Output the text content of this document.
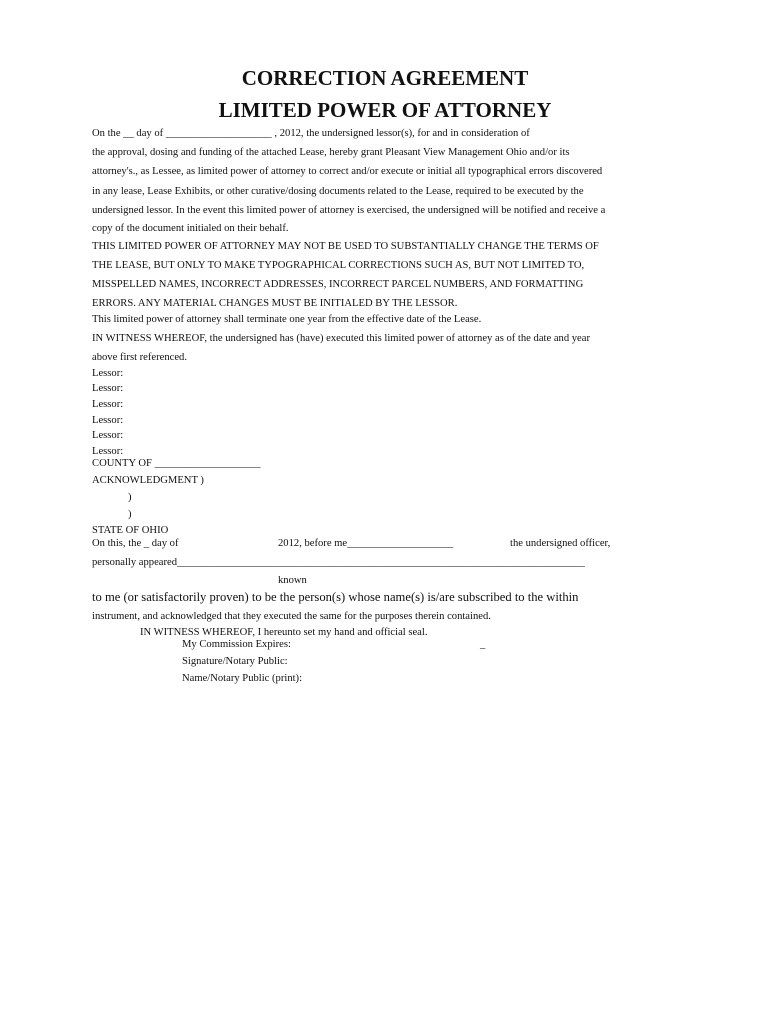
CORRECTION AGREEMENT
LIMITED POWER OF ATTORNEY
On the __ day of ____________________ , 2012, the undersigned lessor(s), for and in consideration of
the approval, dosing and funding of the attached Lease, hereby grant Pleasant View Management Ohio and/or its
attorney's., as Lessee, as limited power of attorney to correct and/or execute or initial all typographical errors discovered
in any lease, Lease Exhibits, or other curative/dosing documents related to the Lease, required to be executed by the
undersigned lessor. In the event this limited power of attorney is exercised, the undersigned will be notified and receive a
copy of the document initialed on their behalf.
THIS LIMITED POWER OF ATTORNEY MAY NOT BE USED TO SUBSTANTIALLY CHANGE THE TERMS OF
THE LEASE, BUT ONLY TO MAKE TYPOGRAPHICAL CORRECTIONS SUCH AS, BUT NOT LIMITED TO,
MISSPELLED NAMES, INCORRECT ADDRESSES, INCORRECT PARCEL NUMBERS, AND FORMATTING
ERRORS. ANY MATERIAL CHANGES MUST BE INITIALED BY THE LESSOR.
This limited power of attorney shall terminate one year from the effective date of the Lease.
IN WITNESS WHEREOF, the undersigned has (have) executed this limited power of attorney as of the date and year
above first referenced.
Lessor:
Lessor:
Lessor:
Lessor:
Lessor:
Lessor:
COUNTY OF ____________________
ACKNOWLEDGMENT )
)
)
STATE OF OHIO
On this, the _ day of	2012, before me____________________	the undersigned officer,
personally appeared_____________________________________________________________________________
known
to me (or satisfactorily proven) to be the person(s) whose name(s) is/are subscribed to the within
instrument, and acknowledged that they executed the same for the purposes therein contained.
IN WITNESS WHEREOF, I hereunto set my hand and official seal.
My Commission Expires:	_
Signature/Notary Public:
Name/Notary Public (print):
